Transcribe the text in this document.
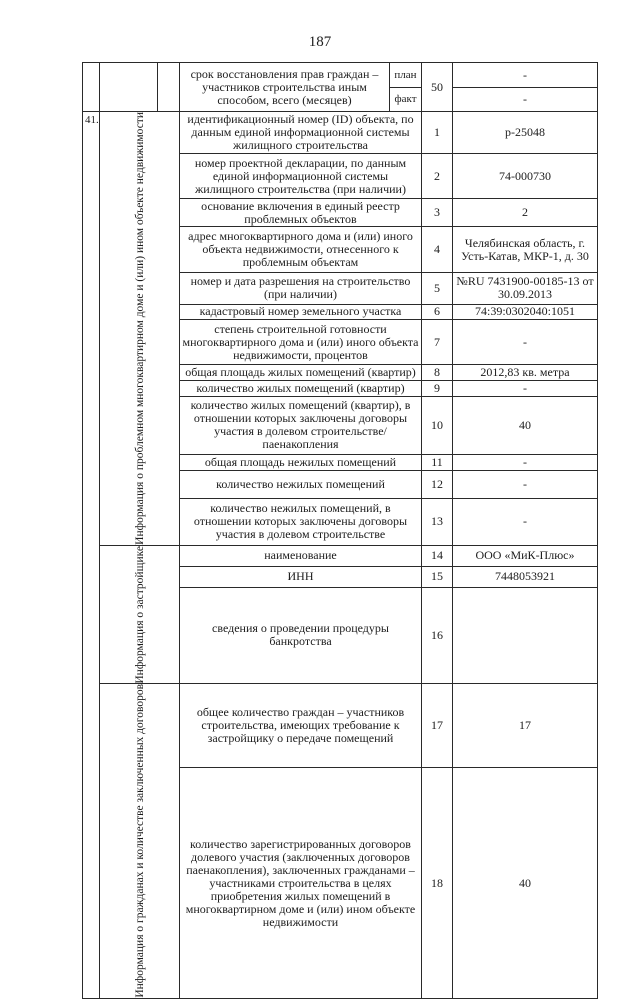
187
			срок восстановления прав граждан – участников строительства иным способом, всего (месяцев)	план	50	-
				факт		-
41.	Информация о проблемном многоквартирном доме и (или) ином объекте недвижимости		идентификационный номер (ID) объекта, по данным единой информационной системы жилищного строительства		1	р-25048
			номер проектной декларации, по данным единой информационной системы жилищного строительства (при наличии)		2	74-000730
			основание включения в единый реестр проблемных объектов		3	2
			адрес многоквартирного дома и (или) иного объекта недвижимости, отнесенного к проблемным объектам		4	Челябинская область, г. Усть-Катав, МКР-1, д. 30
			номер и дата разрешения на строительство (при наличии)		5	№RU 7431900-00185-13 от 30.09.2013
			кадастровый номер земельного участка		6	74:39:0302040:1051
			степень строительной готовности многоквартирного дома и (или) иного объекта недвижимости, процентов		7	-
			общая площадь жилых помещений (квартир)		8	2012,83 кв. метра
			количество жилых помещений (квартир)		9	-
			количество жилых помещений (квартир), в отношении которых заключены договоры участия в долевом строительстве/паенакопления		10	40
			общая площадь нежилых помещений		11	-
			количество нежилых помещений		12	-
			количество нежилых помещений, в отношении которых заключены договоры участия в долевом строительстве		13	-

	Информация о застройщике		наименование		14	ООО «МиК-Плюс»
			ИНН		15	7448053921
			сведения о проведении процедуры банкротства		16	

	Информация о гражданах и количестве заключенных договоров		общее количество граждан – участников строительства, имеющих требование к застройщику о передаче помещений		17	17
			количество зарегистрированных договоров долевого участия (заключенных договоров паенакопления), заключенных гражданами – участниками строительства в целях приобретения жилых помещений в многоквартирном доме и (или) ином объекте недвижимости		18	40
